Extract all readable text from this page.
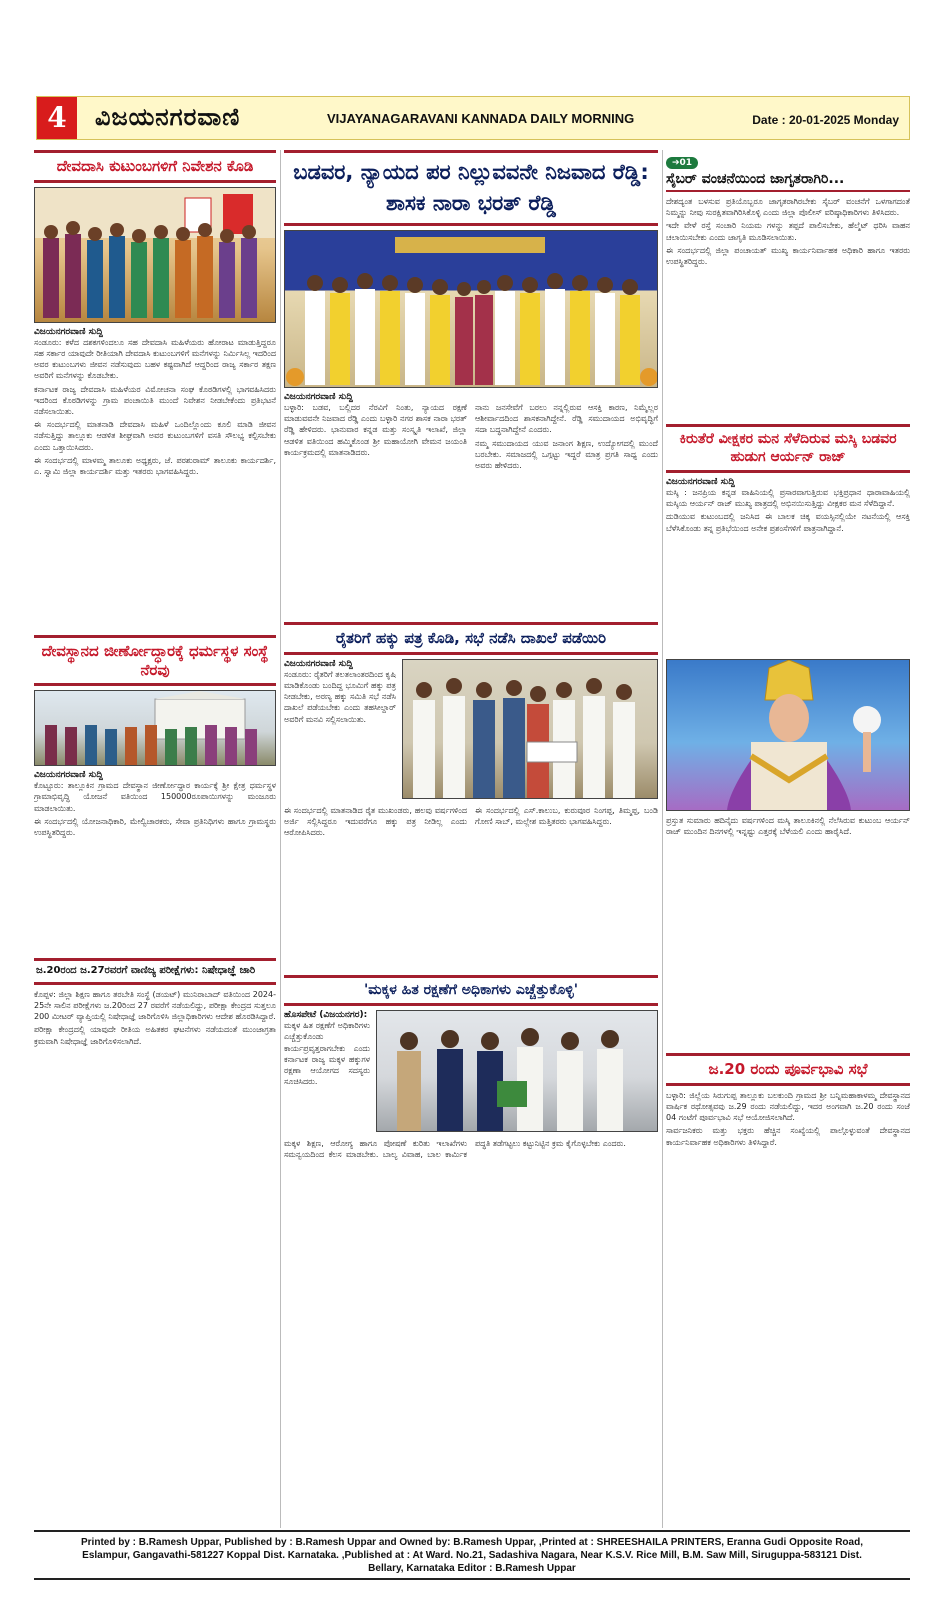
4	ವಿಜಯನಗರವಾಣಿ	VIJAYANAGARAVANI KANNADA DAILY MORNING	Date : 20-01-2025 Monday
ದೇವದಾಸಿ ಕುಟುಂಬಗಳಿಗೆ ನಿವೇಶನ ಕೊಡಿ
ವಿಜಯನಗರವಾಣಿ ಸುದ್ದಿ

ಸಂಡೂರು: ಕಳೆದ ದಶಕಗಳಿಂದಲೂ ಸಹ ದೇವದಾಸಿ ಮಹಿಳೆಯರು ಹೋರಾಟ ಮಾಡುತ್ತಿದ್ದರೂ ಸಹ ಸರ್ಕಾರ ಯಾವುದೇ ರೀತಿಯಾಗಿ ದೇವದಾಸಿ ಕುಟುಂಬಗಳಿಗೆ ಮನೆಗಳನ್ನು ನಿರ್ಮಿಸಿಲ್ಲ ಇದರಿಂದ ಅವರ ಕುಟುಂಬಗಳು ಜೀವನ ನಡೆಸುವುದು ಬಹಳ ಕಷ್ಟವಾಗಿದೆ ಆದ್ದರಿಂದ ರಾಜ್ಯ ಸರ್ಕಾರ ತಕ್ಷಣ ಅವರಿಗೆ ಮನೆಗಳನ್ನು ಕೊಡಬೇಕು.

ಕರ್ನಾಟಕ ರಾಜ್ಯ ದೇವದಾಸಿ ಮಹಿಳೆಯರ ವಿಮೋಚನಾ ಸಂಘ ಕೊಠಡಿಗಳಲ್ಲಿ ಭಾಗವಹಿಸಿದರು ಇದರಿಂದ ಕೊಠಡಿಗಳನ್ನು ಗ್ರಾಮ ಪಂಚಾಯಿತಿ ಮುಂದೆ ನಿವೇಶನ ನೀಡಬೇಕೆಂದು ಪ್ರತಿಭಟನೆ ನಡೆಸಲಾಯಿತು.

ಈ ಸಂದರ್ಭದಲ್ಲಿ ಮಾತನಾಡಿ ದೇವದಾಸಿ ಮಹಿಳೆ ಒಂದಿಲ್ಲೊಂದು ಕೂಲಿ ಮಾಡಿ ಜೀವನ ನಡೆಸುತ್ತಿದ್ದು ತಾಲ್ಲೂಕು ಆಡಳಿತ ಶೀಘ್ರವಾಗಿ ಅವರ ಕುಟುಂಬಗಳಿಗೆ ವಸತಿ ಸೌಲಭ್ಯ ಕಲ್ಪಿಸಬೇಕು ಎಂದು ಒತ್ತಾಯಿಸಿದರು.

ಈ ಸಂದರ್ಭದಲ್ಲಿ ಮಾಳಮ್ಮ ತಾಲೂಕು ಅಧ್ಯಕ್ಷರು, ಜೆ. ಪರಶುರಾಮ್ ತಾಲೂಕು ಕಾರ್ಯದರ್ಶಿ, ಎ. ಸ್ವಾಮಿ ಜಿಲ್ಲಾ ಕಾರ್ಯದರ್ಶಿ ಮತ್ತು ಇತರರು ಭಾಗವಹಿಸಿದ್ದರು.

ದೇವಸ್ಥಾನದ ಜೀರ್ಣೋದ್ಧಾರಕ್ಕೆ ಧರ್ಮಸ್ಥಳ ಸಂಸ್ಥೆ ನೆರವು
ವಿಜಯನಗರವಾಣಿ ಸುದ್ದಿ

ಕೊಟ್ಟೂರು: ತಾಲ್ಲೂಕಿನ ಗ್ರಾಮದ ದೇವಸ್ಥಾನ ಜೀರ್ಣೋದ್ಧಾರ ಕಾರ್ಯಕ್ಕೆ ಶ್ರೀ ಕ್ಷೇತ್ರ ಧರ್ಮಸ್ಥಳ ಗ್ರಾಮಾಭಿವೃದ್ಧಿ ಯೋಜನೆ ವತಿಯಿಂದ 150000ರೂಪಾಯಿಗಳನ್ನು ಮಂಜೂರು ಮಾಡಲಾಯಿತು.

ಈ ಸಂದರ್ಭದಲ್ಲಿ ಯೋಜನಾಧಿಕಾರಿ, ಮೇಲ್ವಿಚಾರಕರು, ಸೇವಾ ಪ್ರತಿನಿಧಿಗಳು ಹಾಗೂ ಗ್ರಾಮಸ್ಥರು ಉಪಸ್ಥಿತರಿದ್ದರು.

ಜ.20ರಂದ ಜ.27ರವರಗೆ ವಾಣಿಜ್ಯ ಪರೀಕ್ಷೆಗಳು: ನಿಷೇಧಾಜ್ಞೆ ಜಾರಿ

ಕೊಪ್ಪಳ: ಜಿಲ್ಲಾ ಶಿಕ್ಷಣ ಹಾಗೂ ತರಬೇತಿ ಸಂಸ್ಥೆ (ಡಯಟ್) ಮುನಿರಾಬಾದ್ ವತಿಯಿಂದ 2024-25ನೇ ಸಾಲಿನ ಪರೀಕ್ಷೆಗಳು ಜ.20ರಿಂದ 27 ರವರೆಗೆ ನಡೆಯಲಿದ್ದು, ಪರೀಕ್ಷಾ ಕೇಂದ್ರದ ಸುತ್ತಲೂ 200 ಮೀಟರ್ ವ್ಯಾಪ್ತಿಯಲ್ಲಿ ನಿಷೇಧಾಜ್ಞೆ ಜಾರಿಗೊಳಿಸಿ ಜಿಲ್ಲಾಧಿಕಾರಿಗಳು ಆದೇಶ ಹೊರಡಿಸಿದ್ದಾರೆ.

ಪರೀಕ್ಷಾ ಕೇಂದ್ರದಲ್ಲಿ ಯಾವುದೇ ರೀತಿಯ ಅಹಿತಕರ ಘಟನೆಗಳು ನಡೆಯದಂತೆ ಮುಂಜಾಗ್ರತಾ ಕ್ರಮವಾಗಿ ನಿಷೇಧಾಜ್ಞೆ ಜಾರಿಗೊಳಿಸಲಾಗಿದೆ.

ಬಡವರ, ನ್ಯಾಯದ ಪರ ನಿಲ್ಲುವವನೇ ನಿಜವಾದ ರೆಡ್ಡಿ: ಶಾಸಕ ನಾರಾ ಭರತ್ ರೆಡ್ಡಿ
ವಿಜಯನಗರವಾಣಿ ಸುದ್ದಿ

ಬಳ್ಳಾರಿ: ಬಡವ, ಬಲ್ಲಿದರ ನೆರವಿಗೆ ನಿಂತು, ನ್ಯಾಯದ ರಕ್ಷಣೆ ಮಾಡುವವನೇ ನಿಜವಾದ ರೆಡ್ಡಿ ಎಂದು ಬಳ್ಳಾರಿ ನಗರ ಶಾಸಕ ನಾರಾ ಭರತ್ ರೆಡ್ಡಿ ಹೇಳಿದರು. ಭಾನುವಾರ ಕನ್ನಡ ಮತ್ತು ಸಂಸ್ಕೃತಿ ಇಲಾಖೆ, ಜಿಲ್ಲಾ ಆಡಳಿತ ವತಿಯಿಂದ ಹಮ್ಮಿಕೊಂಡ ಶ್ರೀ ಮಹಾಯೋಗಿ ವೇಮನ ಜಯಂತಿ ಕಾರ್ಯಕ್ರಮದಲ್ಲಿ ಮಾತನಾಡಿದರು.

ನಾನು ಜನಸೇವೆಗೆ ಬರಲು ನನ್ನಲ್ಲಿರುವ ಆಸಕ್ತಿ ಕಾರಣ, ನಿಮ್ಮೆಲ್ಲರ ಆಶೀರ್ವಾದದಿಂದ ಶಾಸಕನಾಗಿದ್ದೇನೆ. ರೆಡ್ಡಿ ಸಮುದಾಯದ ಅಭಿವೃದ್ಧಿಗೆ ಸದಾ ಬದ್ಧನಾಗಿದ್ದೇನೆ ಎಂದರು.

ನಮ್ಮ ಸಮುದಾಯದ ಯುವ ಜನಾಂಗ ಶಿಕ್ಷಣ, ಉದ್ಯೋಗದಲ್ಲಿ ಮುಂದೆ ಬರಬೇಕು. ಸಮಾಜದಲ್ಲಿ ಒಗ್ಗಟ್ಟು ಇದ್ದರೆ ಮಾತ್ರ ಪ್ರಗತಿ ಸಾಧ್ಯ ಎಂದು ಅವರು ಹೇಳಿದರು.

ರೈತರಿಗೆ ಹಕ್ಕು ಪತ್ರ ಕೊಡಿ, ಸಭೆ ನಡೆಸಿ ದಾಖಲೆ ಪಡೆಯಿರಿ
ವಿಜಯನಗರವಾಣಿ ಸುದ್ದಿ
ಸಂಡೂರು: ರೈತರಿಗೆ ತಲತಲಾಂತರದಿಂದ ಕೃಷಿ ಮಾಡಿಕೊಂಡು ಬಂದಿದ್ದ ಭೂಮಿಗೆ ಹಕ್ಕು ಪತ್ರ ನೀಡಬೇಕು, ಅರಣ್ಯ ಹಕ್ಕು ಸಮಿತಿ ಸಭೆ ನಡೆಸಿ ದಾಖಲೆ ಪಡೆಯಬೇಕು ಎಂದು ತಹಸೀಲ್ದಾರ್ ಅವರಿಗೆ ಮನವಿ ಸಲ್ಲಿಸಲಾಯಿತು.

ಈ ಸಂದರ್ಭದಲ್ಲಿ ಮಾತನಾಡಿದ ರೈತ ಮುಖಂಡರು, ಹಲವು ವರ್ಷಗಳಿಂದ ಅರ್ಜಿ ಸಲ್ಲಿಸಿದ್ದರೂ ಇದುವರೆಗೂ ಹಕ್ಕು ಪತ್ರ ನೀಡಿಲ್ಲ ಎಂದು ಆರೋಪಿಸಿದರು.

ಈ ಸಂದರ್ಭದಲ್ಲಿ ಎಸ್.ಕಾಲುಬ, ಕುರುವೂರ ನಿಂಗಪ್ಪ, ತಿಮ್ಮಪ್ಪ, ಬಂಡಿ ಗೋಣಿ ಸಾಬ್, ಮಲ್ಲೇಶ ಮತ್ತಿತರರು ಭಾಗವಹಿಸಿದ್ದರು.

'ಮಕ್ಕಳ ಹಿತ ರಕ್ಷಣೆಗೆ ಅಧಿಕಾಗಳು ಎಚ್ಚೆತ್ತುಕೊಳ್ಳಿ'
ಹೊಸಪೇಟೆ (ವಿಜಯನಗರ):
ಮಕ್ಕಳ ಹಿತ ರಕ್ಷಣೆಗೆ ಅಧಿಕಾರಿಗಳು ಎಚ್ಚೆತ್ತುಕೊಂಡು ಕಾರ್ಯಪ್ರವೃತ್ತರಾಗಬೇಕು ಎಂದು ಕರ್ನಾಟಕ ರಾಜ್ಯ ಮಕ್ಕಳ ಹಕ್ಕುಗಳ ರಕ್ಷಣಾ ಆಯೋಗದ ಸದಸ್ಯರು ಸೂಚಿಸಿದರು.
ಮಕ್ಕಳ ಶಿಕ್ಷಣ, ಆರೋಗ್ಯ ಹಾಗೂ ಪೋಷಣೆ ಕುರಿತು ಇಲಾಖೆಗಳು ಸಮನ್ವಯದಿಂದ ಕೆಲಸ ಮಾಡಬೇಕು. ಬಾಲ್ಯ ವಿವಾಹ, ಬಾಲ ಕಾರ್ಮಿಕ ಪದ್ಧತಿ ತಡೆಗಟ್ಟಲು ಕಟ್ಟುನಿಟ್ಟಿನ ಕ್ರಮ ಕೈಗೊಳ್ಳಬೇಕು ಎಂದರು.
➔01
ಸೈಬರ್ ವಂಚನೆಯಿಂದ ಜಾಗೃತರಾಗಿರಿ...

ದೇಶದ್ಯಂತ ಬಳಸುವ ಪ್ರತಿಯೊಬ್ಬರೂ ಜಾಗೃತರಾಗಿರಬೇಕು ಸೈಬರ್ ವಂಚನೆಗೆ ಒಳಗಾಗದಂತೆ ನಿಮ್ಮನ್ನು ನೀವು ಸುರಕ್ಷಿತವಾಗಿರಿಸಿಕೊಳ್ಳಿ ಎಂದು ಜಿಲ್ಲಾ ಪೊಲೀಸ್ ವರಿಷ್ಠಾಧಿಕಾರಿಗಳು ತಿಳಿಸಿದರು.

ಇದೇ ವೇಳೆ ರಸ್ತೆ ಸಂಚಾರಿ ನಿಯಮ ಗಳನ್ನು ತಪ್ಪದೆ ಪಾಲಿಸಬೇಕು, ಹೆಲ್ಮೆಟ್ ಧರಿಸಿ ವಾಹನ ಚಲಾಯಿಸಬೇಕು ಎಂದು ಜಾಗೃತಿ ಮೂಡಿಸಲಾಯಿತು.

ಈ ಸಂದರ್ಭದಲ್ಲಿ ಜಿಲ್ಲಾ ಪಂಚಾಯತ್ ಮುಖ್ಯ ಕಾರ್ಯನಿರ್ವಾಹಕ ಅಧಿಕಾರಿ ಹಾಗೂ ಇತರರು ಉಪಸ್ಥಿತರಿದ್ದರು.

ಕಿರುತೆರೆ ವೀಕ್ಷಕರ ಮನ ಸೆಳೆದಿರುವ ಮಸ್ಕಿ ಬಡವರ ಹುಡುಗ ಆರ್ಯನ್ ರಾಜ್
ವಿಜಯನಗರವಾಣಿ ಸುದ್ದಿ

ಮಸ್ಕಿ : ಜನಪ್ರಿಯ ಕನ್ನಡ ವಾಹಿನಿಯಲ್ಲಿ ಪ್ರಸಾರವಾಗುತ್ತಿರುವ ಭಕ್ತಿಪ್ರಧಾನ ಧಾರಾವಾಹಿಯಲ್ಲಿ ಮಸ್ಕಿಯ ಆರ್ಯನ್ ರಾಜ್ ಮುಖ್ಯ ಪಾತ್ರದಲ್ಲಿ ಅಭಿನಯಿಸುತ್ತಿದ್ದು ವೀಕ್ಷಕರ ಮನ ಸೆಳೆದಿದ್ದಾನೆ.

ದುಡಿಯುವ ಕುಟುಂಬದಲ್ಲಿ ಜನಿಸಿದ ಈ ಬಾಲಕ ಚಿಕ್ಕ ವಯಸ್ಸಿನಲ್ಲಿಯೇ ನಟನೆಯಲ್ಲಿ ಆಸಕ್ತಿ ಬೆಳೆಸಿಕೊಂಡು ತನ್ನ ಪ್ರತಿಭೆಯಿಂದ ಅನೇಕ ಪ್ರಶಂಸೆಗಳಿಗೆ ಪಾತ್ರನಾಗಿದ್ದಾನೆ.

ಪ್ರಸ್ತುತ ಸುಮಾರು ಹದಿನೈದು ವರ್ಷಗಳಿಂದ ಮಸ್ಕಿ ತಾಲೂಕಿನಲ್ಲಿ ನೆಲೆಸಿರುವ ಕುಟುಂಬ ಆರ್ಯನ್ ರಾಜ್ ಮುಂದಿನ ದಿನಗಳಲ್ಲಿ ಇನ್ನಷ್ಟು ಎತ್ತರಕ್ಕೆ ಬೆಳೆಯಲಿ ಎಂದು ಹಾರೈಸಿದೆ.
ಜ.20 ರಂದು ಪೂರ್ವಭಾವಿ ಸಭೆ

ಬಳ್ಳಾರಿ: ಜಿಲ್ಲೆಯ ಸಿರುಗುಪ್ಪ ತಾಲ್ಲೂಕು ಬಲಕುಂದಿ ಗ್ರಾಮದ ಶ್ರೀ ಬನ್ನಿಮಹಾಕಾಳಮ್ಮ ದೇವಸ್ಥಾನದ ವಾರ್ಷಿಕ ರಥೋತ್ಸವವು ಜ.29 ರಂದು ನಡೆಯಲಿದ್ದು, ಇದರ ಅಂಗವಾಗಿ ಜ.20 ರಂದು ಸಂಜೆ 04 ಗಂಟೆಗೆ ಪೂರ್ವಭಾವಿ ಸಭೆ ಆಯೋಜಿಸಲಾಗಿದೆ.

ಸಾರ್ವಜನಿಕರು ಮತ್ತು ಭಕ್ತರು ಹೆಚ್ಚಿನ ಸಂಖ್ಯೆಯಲ್ಲಿ ಪಾಲ್ಗೊಳ್ಳುವಂತೆ ದೇವಸ್ಥಾನದ ಕಾರ್ಯನಿರ್ವಾಹಕ ಅಧಿಕಾರಿಗಳು ತಿಳಿಸಿದ್ದಾರೆ.

Printed by : B.Ramesh Uppar, Published by : B.Ramesh Uppar and Owned by: B.Ramesh Uppar, ,Printed at : SHREESHAILA PRINTERS, Eranna Gudi Opposite Road,
Eslampur, Gangavathi-581227 Koppal Dist. Karnataka. ,Published at : At Ward. No.21, Sadashiva Nagara, Near K.S.V. Rice Mill, B.M. Saw Mill, Siruguppa-583121 Dist.
Bellary, Karnataka Editor : B.Ramesh Uppar
